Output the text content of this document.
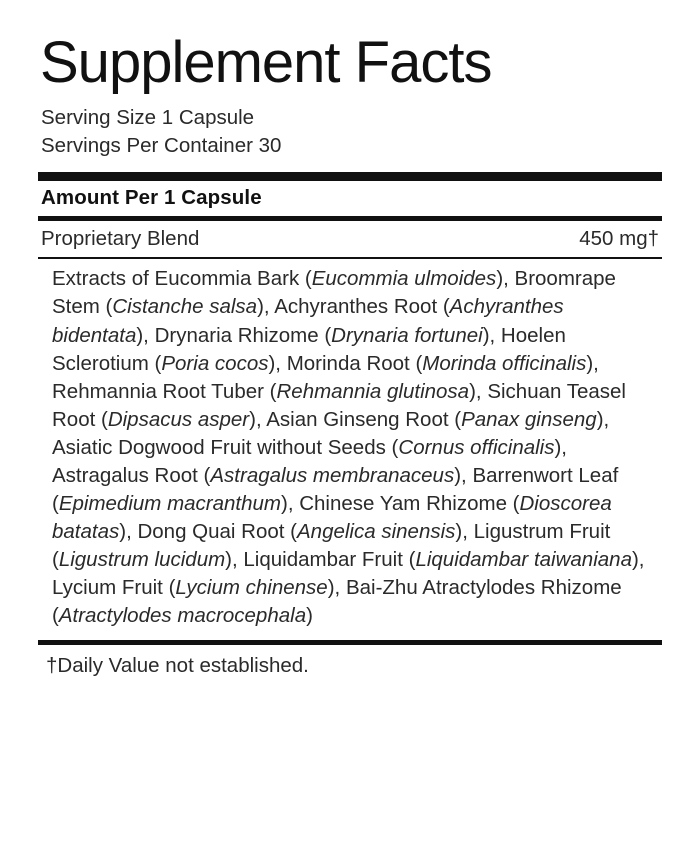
Supplement Facts
Serving Size 1 Capsule
Servings Per Container 30
Amount Per 1 Capsule
Proprietary Blend	450 mg†
Extracts of Eucommia Bark (Eucommia ulmoides), Broomrape Stem (Cistanche salsa), Achyranthes Root (Achyranthes bidentata), Drynaria Rhizome (Drynaria fortunei), Hoelen Sclerotium (Poria cocos), Morinda Root (Morinda officinalis), Rehmannia Root Tuber (Rehmannia glutinosa), Sichuan Teasel Root (Dipsacus asper), Asian Ginseng Root (Panax ginseng), Asiatic Dogwood Fruit without Seeds (Cornus officinalis), Astragalus Root (Astragalus membranaceus), Barrenwort Leaf (Epimedium macranthum), Chinese Yam Rhizome (Dioscorea batatas), Dong Quai Root (Angelica sinensis), Ligustrum Fruit (Ligustrum lucidum), Liquidambar Fruit (Liquidambar taiwaniana), Lycium Fruit (Lycium chinense), Bai-Zhu Atractylodes Rhizome (Atractylodes macrocephala)
†Daily Value not established.
